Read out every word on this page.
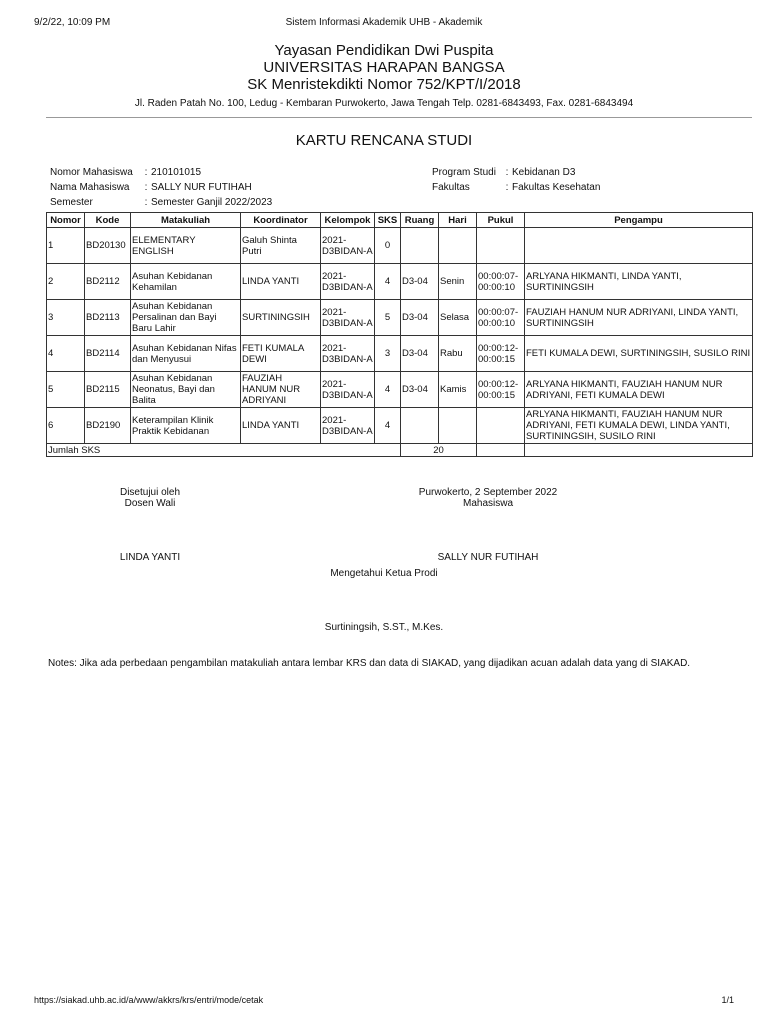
9/2/22, 10:09 PM	Sistem Informasi Akademik UHB - Akademik
Yayasan Pendidikan Dwi Puspita
UNIVERSITAS HARAPAN BANGSA
SK Menristekdikti Nomor 752/KPT/I/2018
Jl. Raden Patah No. 100, Ledug - Kembaran Purwokerto, Jawa Tengah Telp. 0281-6843493, Fax. 0281-6843494
KARTU RENCANA STUDI
Nomor Mahasiswa : 210101015
Nama Mahasiswa : SALLY NUR FUTIHAH
Semester	: Semester Ganjil 2022/2023
Program Studi : Kebidanan D3
Fakultas	: Fakultas Kesehatan
Nomor	Kode	Matakuliah	Koordinator	Kelompok	SKS	Ruang	Hari	Pukul	Pengampu
1	BD20130	ELEMENTARY ENGLISH	Galuh Shinta Putri	2021-D3BIDAN-A	0				
2	BD2112	Asuhan Kebidanan Kehamilan	LINDA YANTI	2021-D3BIDAN-A	4	D3-04	Senin	00:00:07-00:00:10	ARLYANA HIKMANTI, LINDA YANTI, SURTININGSIH
3	BD2113	Asuhan Kebidanan Persalinan dan Bayi Baru Lahir	SURTININGSIH	2021-D3BIDAN-A	5	D3-04	Selasa	00:00:07-00:00:10	FAUZIAH HANUM NUR ADRIYANI, LINDA YANTI, SURTININGSIH
4	BD2114	Asuhan Kebidanan Nifas dan Menyusui	FETI KUMALA DEWI	2021-D3BIDAN-A	3	D3-04	Rabu	00:00:12-00:00:15	FETI KUMALA DEWI, SURTININGSIH, SUSILO RINI
5	BD2115	Asuhan Kebidanan Neonatus, Bayi dan Balita	FAUZIAH HANUM NUR ADRIYANI	2021-D3BIDAN-A	4	D3-04	Kamis	00:00:12-00:00:15	ARLYANA HIKMANTI, FAUZIAH HANUM NUR ADRIYANI, FETI KUMALA DEWI
6	BD2190	Keterampilan Klinik Praktik Kebidanan	LINDA YANTI	2021-D3BIDAN-A	4				ARLYANA HIKMANTI, FAUZIAH HANUM NUR ADRIYANI, FETI KUMALA DEWI, LINDA YANTI, SURTININGSIH, SUSILO RINI
Jumlah SKS						20			
Disetujui oleh
Dosen Wali
Purwokerto, 2 September 2022
Mahasiswa
LINDA YANTI	SALLY NUR FUTIHAH
Mengetahui Ketua Prodi
Surtiningsih, S.ST., M.Kes.
Notes: Jika ada perbedaan pengambilan matakuliah antara lembar KRS dan data di SIAKAD, yang dijadikan acuan adalah data yang di SIAKAD.
https://siakad.uhb.ac.id/a/www/akkrs/krs/entri/mode/cetak	1/1
